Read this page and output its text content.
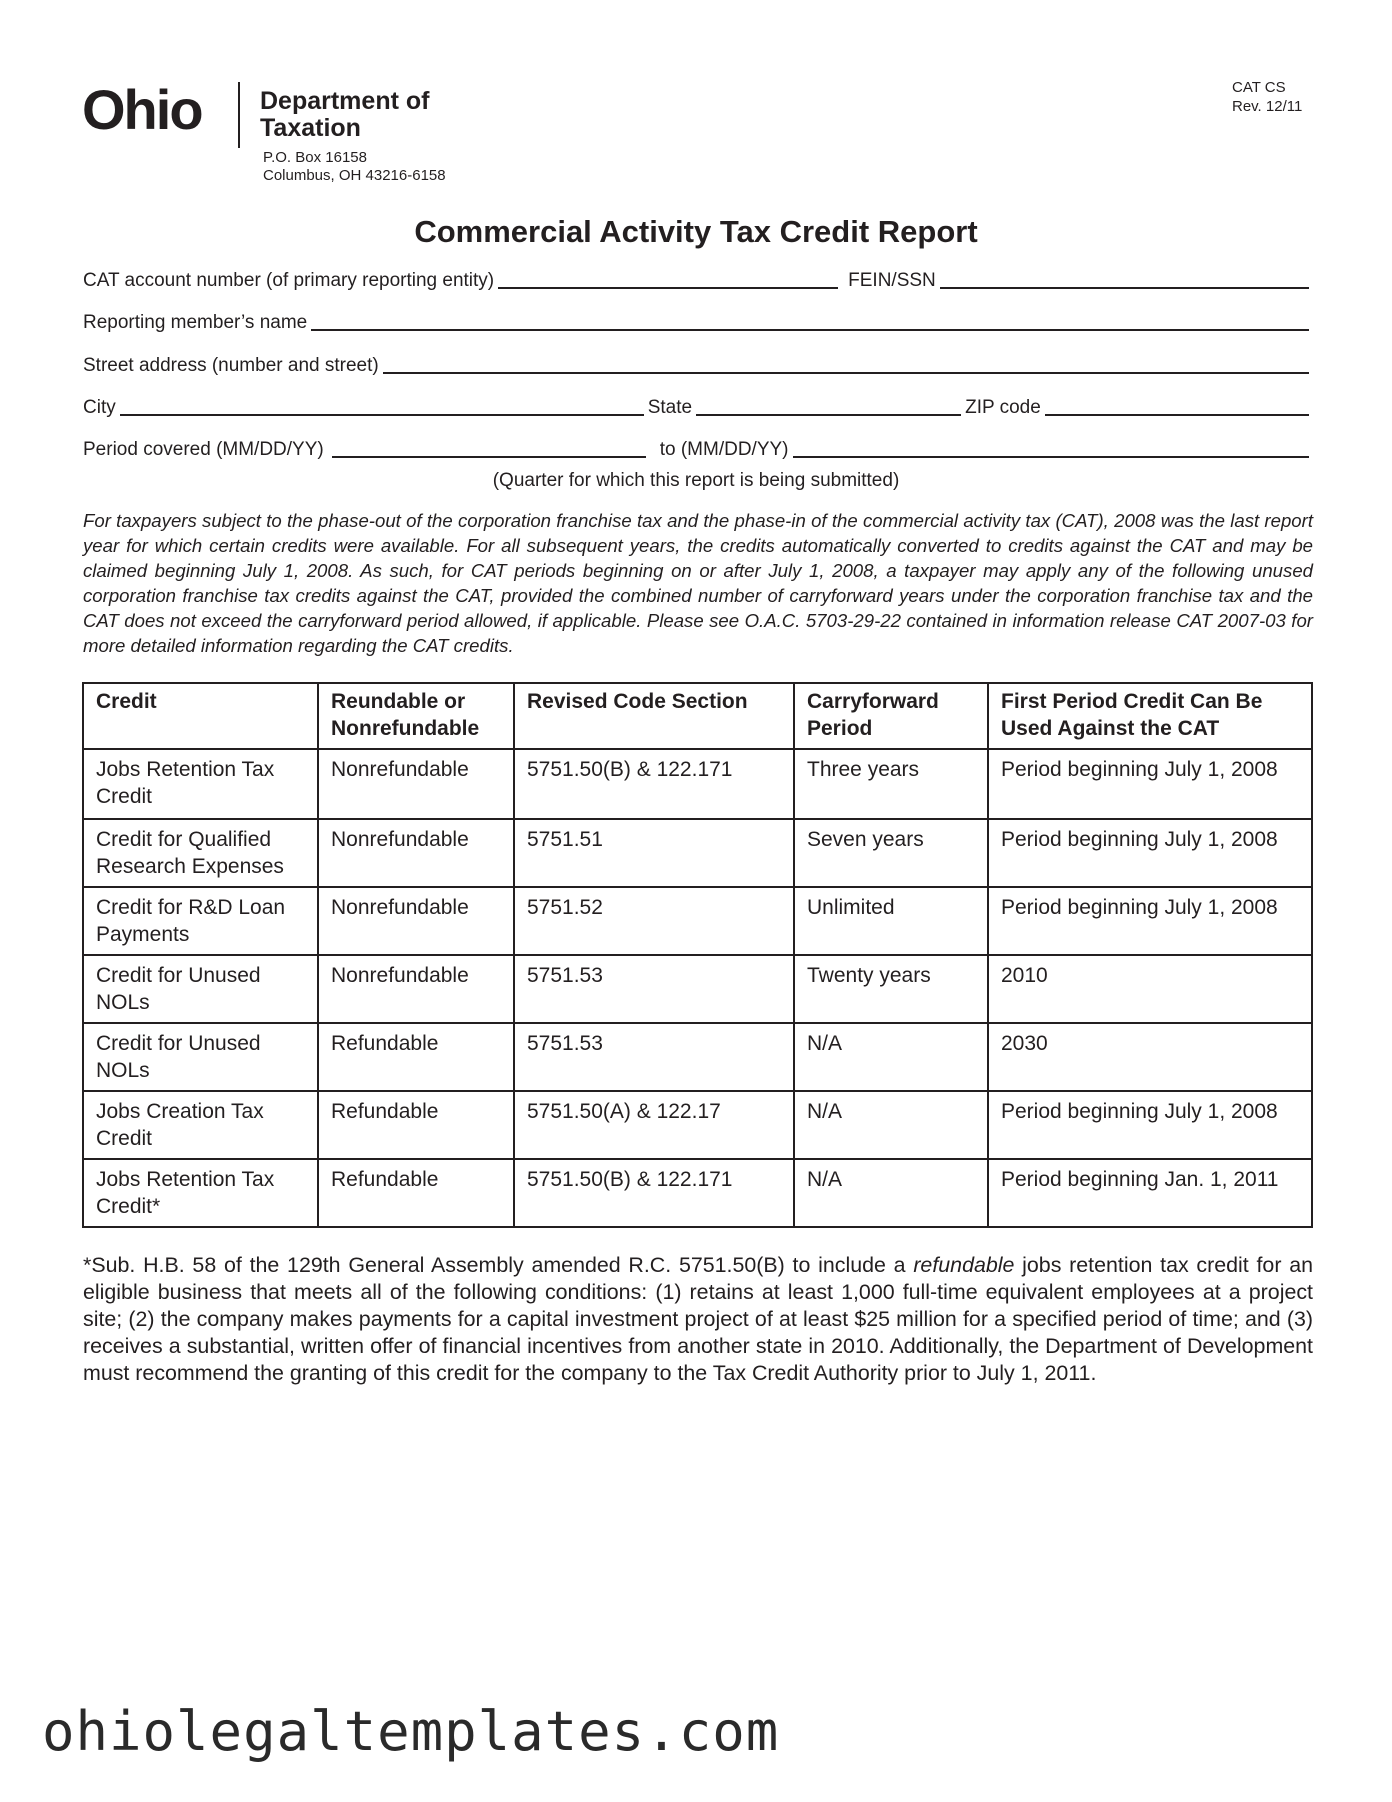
Ohio Department of
Taxation
P.O. Box 16158
Columbus, OH 43216-6158
CAT CS
Rev. 12/11
Commercial Activity Tax Credit Report
CAT account number (of primary reporting entity)	FEIN/SSN
Reporting member’s name
Street address (number and street)
City	State	ZIP code
Period covered (MM/DD/YY)	to (MM/DD/YY)
(Quarter for which this report is being submitted)
For taxpayers subject to the phase-out of the corporation franchise tax and the phase-in of the commercial activity tax (CAT), 2008 was the last report year for which certain credits were available. For all subsequent years, the credits automatically converted to credits against the CAT and may be claimed beginning July 1, 2008. As such, for CAT periods beginning on or after July 1, 2008, a taxpayer may apply any of the following unused corporation franchise tax credits against the CAT, provided the combined number of carryforward years under the corporation franchise tax and the CAT does not exceed the carryforward period allowed, if applicable. Please see O.A.C. 5703-29-22 contained in information release CAT 2007-03 for more detailed information regarding the CAT credits.
Credit	Reundable or Nonrefundable	Revised Code Section	Carryforward Period	First Period Credit Can Be Used Against the CAT
Jobs Retention Tax Credit	Nonrefundable	5751.50(B) & 122.171	Three years	Period beginning July 1, 2008
Credit for Qualified Research Expenses	Nonrefundable	5751.51	Seven years	Period beginning July 1, 2008
Credit for R&D Loan Payments	Nonrefundable	5751.52	Unlimited	Period beginning July 1, 2008
Credit for Unused NOLs	Nonrefundable	5751.53	Twenty years	2010
Credit for Unused NOLs	Refundable	5751.53	N/A	2030
Jobs Creation Tax Credit	Refundable	5751.50(A) & 122.17	N/A	Period beginning July 1, 2008
Jobs Retention Tax Credit*	Refundable	5751.50(B) & 122.171	N/A	Period beginning Jan. 1, 2011
*Sub. H.B. 58 of the 129th General Assembly amended R.C. 5751.50(B) to include a refundable jobs retention tax credit for an eligible business that meets all of the following conditions: (1) retains at least 1,000 full-time equivalent employees at a project site; (2) the company makes payments for a capital investment project of at least $25 million for a specified period of time; and (3) receives a substantial, written offer of financial incentives from another state in 2010. Additionally, the Department of Development must recommend the granting of this credit for the company to the Tax Credit Authority prior to July 1, 2011.
ohiolegaltemplates.com
